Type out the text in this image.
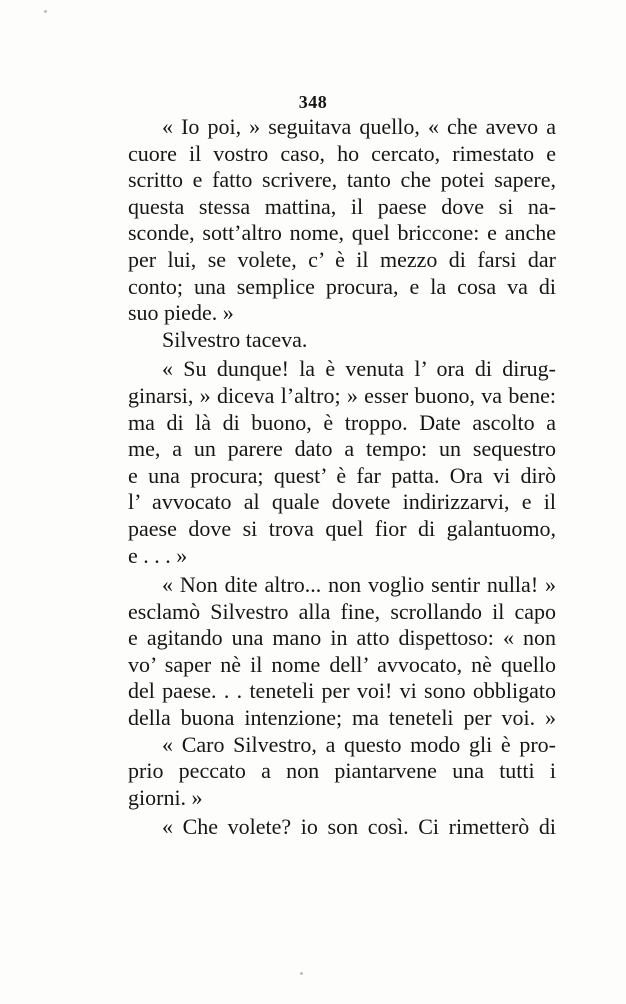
348
« Io poi, » seguitava quello, « che avevo a
cuore il vostro caso, ho cercato, rimestato e
scritto e fatto scrivere, tanto che potei sapere,
questa stessa mattina, il paese dove si na-
sconde, sott’altro nome, quel briccone: e anche
per lui, se volete, c’ è il mezzo di farsi dar
conto; una semplice procura, e la cosa va di
suo piede. »
Silvestro taceva.
« Su dunque! la è venuta l’ ora di dirug-
ginarsi, » diceva l’altro; » esser buono, va bene:
ma di là di buono, è troppo. Date ascolto a
me, a un parere dato a tempo: un sequestro
e una procura; quest’ è far patta. Ora vi dirò
l’ avvocato al quale dovete indirizzarvi, e il
paese dove si trova quel fior di galantuomo,
e . . . »
« Non dite altro... non voglio sentir nulla! »
esclamò Silvestro alla fine, scrollando il capo
e agitando una mano in atto dispettoso: « non
vo’ saper nè il nome dell’ avvocato, nè quello
del paese. . . teneteli per voi! vi sono obbligato
della buona intenzione; ma teneteli per voi. »
« Caro Silvestro, a questo modo gli è pro-
prio peccato a non piantarvene una tutti i
giorni. »
« Che volete? io son così. Ci rimetterò di
